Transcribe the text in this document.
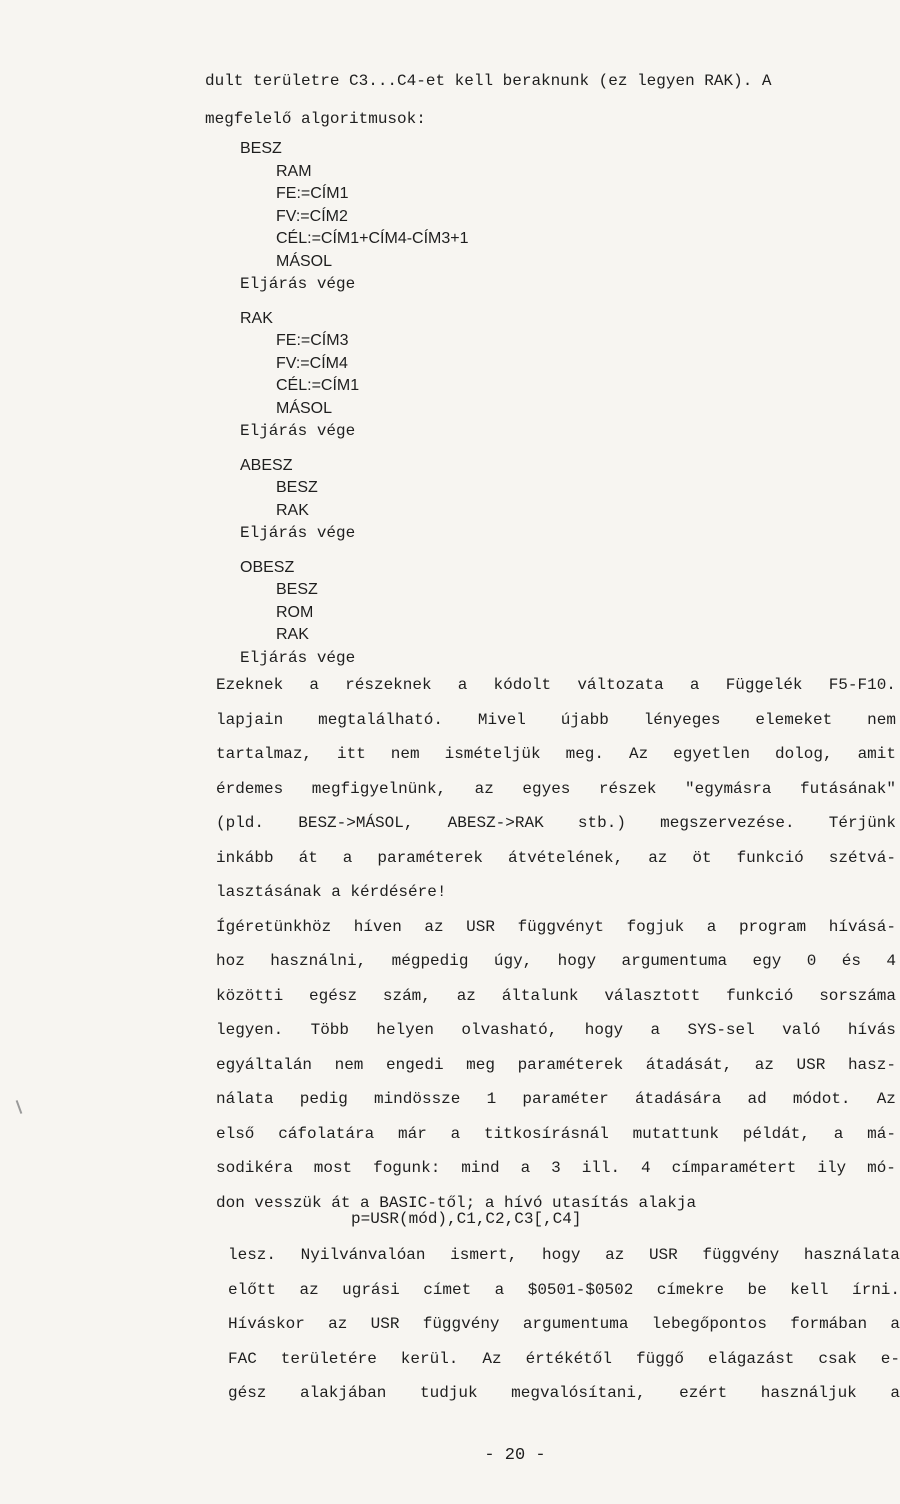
dult területre C3...C4-et kell beraknunk (ez legyen RAK). A
megfelelő algoritmusok:
BESZ
RAM
FE:=CÍM1
FV:=CÍM2
CÉL:=CÍM1+CÍM4-CÍM3+1
MÁSOL
Eljárás vége
RAK
FE:=CÍM3
FV:=CÍM4
CÉL:=CÍM1
MÁSOL
Eljárás vége
ABESZ
BESZ
RAK
Eljárás vége
OBESZ
BESZ
ROM
RAK
Eljárás vége
Ezeknek a részeknek a kódolt változata a Függelék F5-F10.
lapjain megtalálható. Mivel újabb lényeges elemeket nem
tartalmaz, itt nem ismételjük meg. Az egyetlen dolog, amit
érdemes megfigyelnünk, az egyes részek "egymásra futásának"
(pld. BESZ->MÁSOL, ABESZ->RAK stb.) megszervezése. Térjünk
inkább át a paraméterek átvételének, az öt funkció szétvá-
lasztásának a kérdésére!
Ígéretünkhöz híven az USR függvényt fogjuk a program hívásá-
hoz használni, mégpedig úgy, hogy argumentuma egy 0 és 4
közötti egész szám, az általunk választott funkció sorszáma
legyen. Több helyen olvasható, hogy a SYS-sel való hívás
egyáltalán nem engedi meg paraméterek átadását, az USR hasz-
nálata pedig mindössze 1 paraméter átadására ad módot. Az
első cáfolatára már a titkosírásnál mutattunk példát, a má-
sodikéra most fogunk: mind a 3 ill. 4 címparamétert ily mó-
don vesszük át a BASIC-től; a hívó utasítás alakja
p=USR(mód),C1,C2,C3[,C4]
lesz. Nyilvánvalóan ismert, hogy az USR függvény használata
előtt az ugrási címet a $0501-$0502 címekre be kell írni.
Híváskor az USR függvény argumentuma lebegőpontos formában a
FAC területére kerül. Az értékétől függő elágazást csak e-
gész alakjában tudjuk megvalósítani, ezért használjuk a
- 20 -
